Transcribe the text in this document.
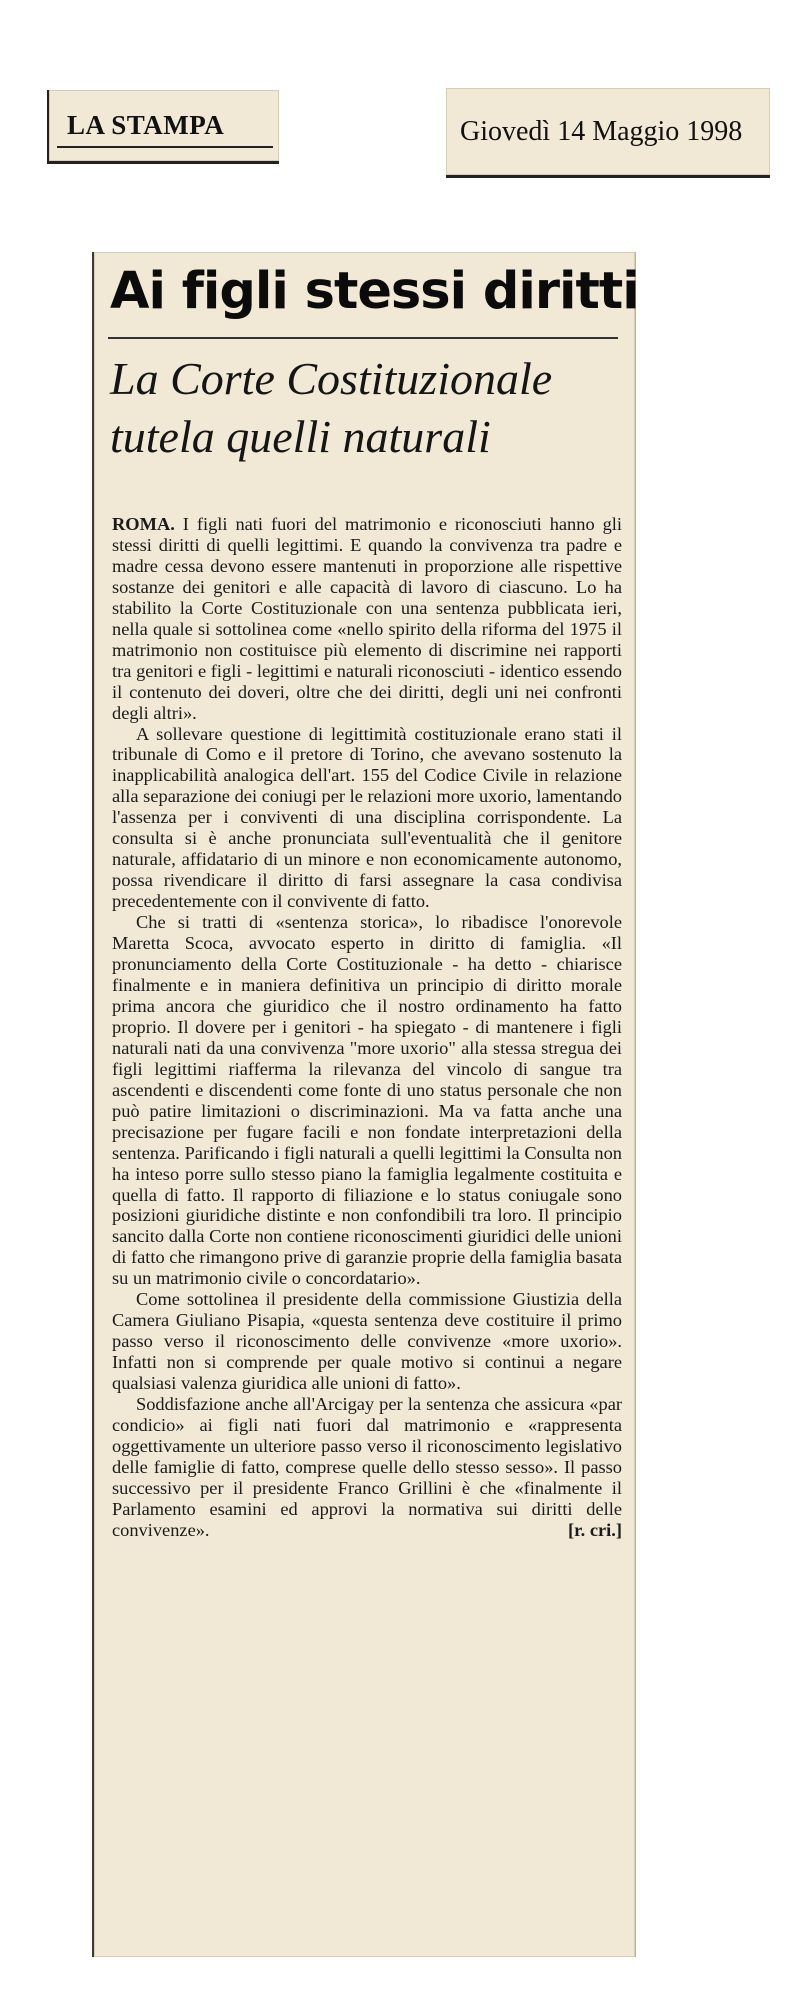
LA STAMPA	Giovedì 14 Maggio 1998
Ai figli stessi diritti
La Corte Costituzionale
tutela quelli naturali

ROMA. I figli nati fuori del matrimonio e riconosciuti hanno gli stessi diritti di quelli legittimi. E quando la convivenza tra padre e madre cessa devono essere mantenuti in proporzione alle rispettive sostanze dei genitori e alle capacità di lavoro di ciascuno. Lo ha stabilito la Corte Costituzionale con una sentenza pubblicata ieri, nella quale si sottolinea come «nello spirito della riforma del 1975 il matrimonio non costituisce più elemento di discrimine nei rapporti tra genitori e figli - legittimi e naturali riconosciuti - identico essendo il contenuto dei doveri, oltre che dei diritti, degli uni nei confronti degli altri».

A sollevare questione di legittimità costituzionale erano stati il tribunale di Como e il pretore di Torino, che avevano sostenuto la inapplicabilità analogica dell'art. 155 del Codice Civile in relazione alla separazione dei coniugi per le relazioni more uxorio, lamentando l'assenza per i conviventi di una disciplina corrispondente. La consulta si è anche pronunciata sull'eventualità che il genitore naturale, affidatario di un minore e non economicamente autonomo, possa rivendicare il diritto di farsi assegnare la casa condivisa precedentemente con il convivente di fatto.

Che si tratti di «sentenza storica», lo ribadisce l'onorevole Maretta Scoca, avvocato esperto in diritto di famiglia. «Il pronunciamento della Corte Costituzionale - ha detto - chiarisce finalmente e in maniera definitiva un principio di diritto morale prima ancora che giuridico che il nostro ordinamento ha fatto proprio. Il dovere per i genitori - ha spiegato - di mantenere i figli naturali nati da una convivenza "more uxorio" alla stessa stregua dei figli legittimi riafferma la rilevanza del vincolo di sangue tra ascendenti e discendenti come fonte di uno status personale che non può patire limitazioni o discriminazioni. Ma va fatta anche una precisazione per fugare facili e non fondate interpretazioni della sentenza. Parificando i figli naturali a quelli legittimi la Consulta non ha inteso porre sullo stesso piano la famiglia legalmente costituita e quella di fatto. Il rapporto di filiazione e lo status coniugale sono posizioni giuridiche distinte e non confondibili tra loro. Il principio sancito dalla Corte non contiene riconoscimenti giuridici delle unioni di fatto che rimangono prive di garanzie proprie della famiglia basata su un matrimonio civile o concordatario».

Come sottolinea il presidente della commissione Giustizia della Camera Giuliano Pisapia, «questa sentenza deve costituire il primo passo verso il riconoscimento delle convivenze «more uxorio». Infatti non si comprende per quale motivo si continui a negare qualsiasi valenza giuridica alle unioni di fatto».

Soddisfazione anche all'Arcigay per la sentenza che assicura «par condicio» ai figli nati fuori dal matrimonio e «rappresenta oggettivamente un ulteriore passo verso il riconoscimento legislativo delle famiglie di fatto, comprese quelle dello stesso sesso». Il passo successivo per il presidente Franco Grillini è che «finalmente il Parlamento esamini ed approvi la normativa sui diritti delle convivenze».	[r. cri.]
